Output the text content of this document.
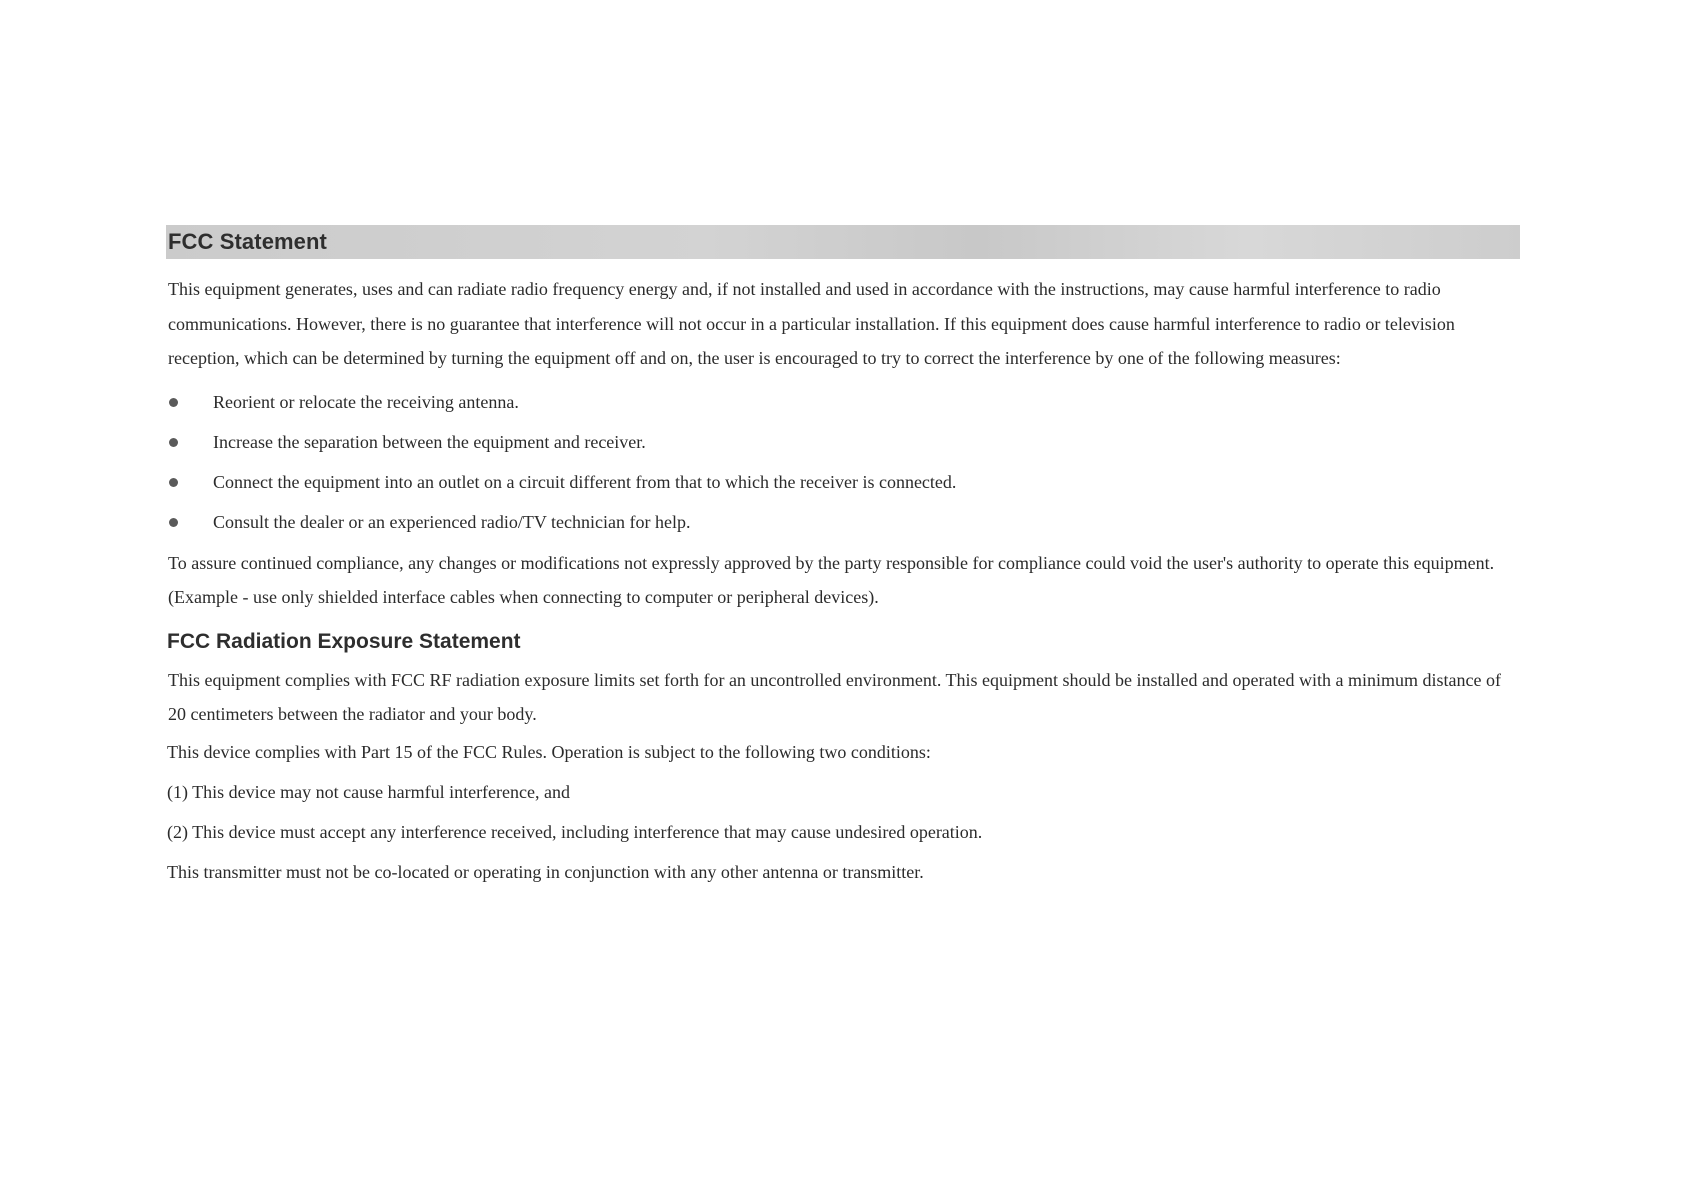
FCC Statement

This equipment generates, uses and can radiate radio frequency energy and, if not installed and used in accordance with the instructions, may cause harmful interference to radio communications. However, there is no guarantee that interference will not occur in a particular installation. If this equipment does cause harmful interference to radio or television reception, which can be determined by turning the equipment off and on, the user is encouraged to try to correct the interference by one of the following measures:

Reorient or relocate the receiving antenna.
Increase the separation between the equipment and receiver.
Connect the equipment into an outlet on a circuit different from that to which the receiver is connected.
Consult the dealer or an experienced radio/TV technician for help.

To assure continued compliance, any changes or modifications not expressly approved by the party responsible for compliance could void the user's authority to operate this equipment. (Example - use only shielded interface cables when connecting to computer or peripheral devices).

FCC Radiation Exposure Statement

This equipment complies with FCC RF radiation exposure limits set forth for an uncontrolled environment. This equipment should be installed and operated with a minimum distance of 20 centimeters between the radiator and your body.

This device complies with Part 15 of the FCC Rules. Operation is subject to the following two conditions:

(1) This device may not cause harmful interference, and

(2) This device must accept any interference received, including interference that may cause undesired operation.

This transmitter must not be co-located or operating in conjunction with any other antenna or transmitter.
